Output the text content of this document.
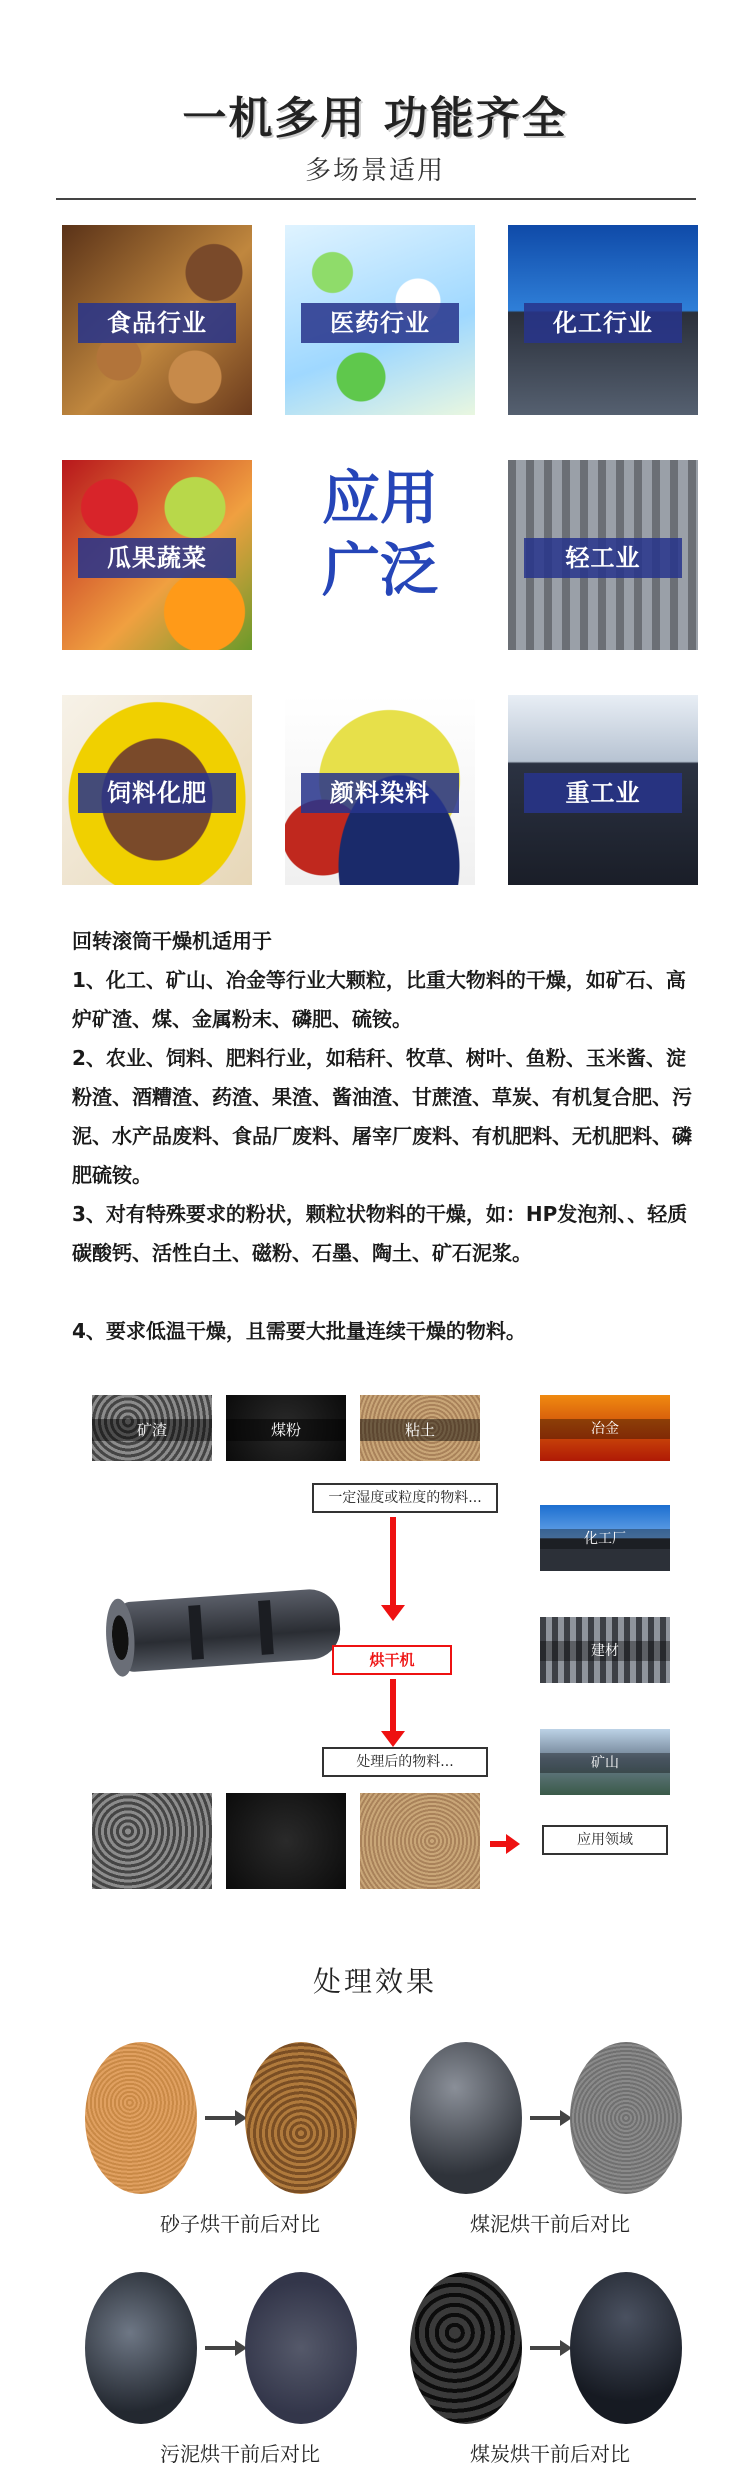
一机多用 功能齐全
多场景适用
食品行业	医药行业	化工行业
瓜果蔬菜
应用
广泛	轻工业
饲料化肥	颜料染料	重工业
回转滚筒干燥机适用于
1、化工、矿山、冶金等行业大颗粒，比重大物料的干燥，如矿石、高炉矿渣、煤、金属粉末、磷肥、硫铵。
2、农业、饲料、肥料行业，如秸秆、牧草、树叶、鱼粉、玉米酱、淀粉渣、酒糟渣、药渣、果渣、酱油渣、甘蔗渣、草炭、有机复合肥、污泥、水产品废料、食品厂废料、屠宰厂废料、有机肥料、无机肥料、磷肥硫铵。
3、对有特殊要求的粉状，颗粒状物料的干燥，如：HP发泡剂、、轻质碳酸钙、活性白土、磁粉、石墨、陶土、矿石泥浆。
4、要求低温干燥，且需要大批量连续干燥的物料。
矿渣	煤粉	粘土
一定湿度或粒度的物料...
烘干机
处理后的物料...
冶金
化工厂
建材
矿山
应用领域
处理效果
砂子烘干前后对比	煤泥烘干前后对比
污泥烘干前后对比	煤炭烘干前后对比
